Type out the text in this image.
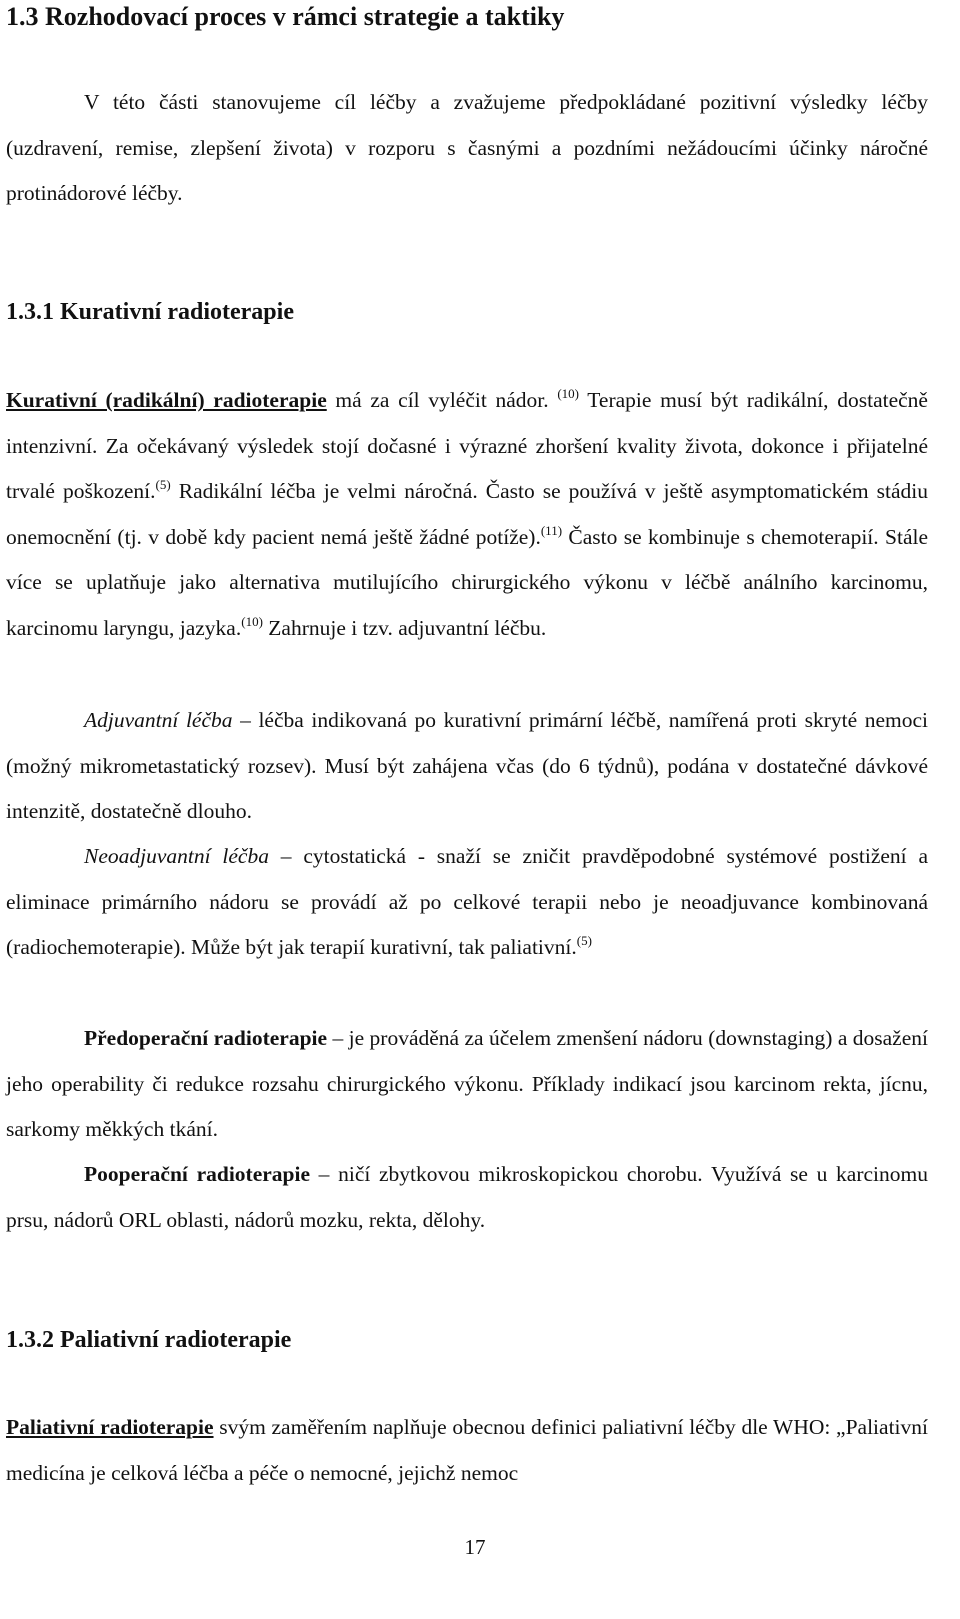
1.3 Rozhodovací proces v rámci strategie a taktiky
V této části stanovujeme cíl léčby a zvažujeme předpokládané pozitivní výsledky léčby (uzdravení, remise, zlepšení života) v rozporu s časnými a pozdními nežádoucími účinky náročné protinádorové léčby.
1.3.1 Kurativní radioterapie
Kurativní (radikální) radioterapie má za cíl vyléčit nádor. $^{(10)}$ Terapie musí být radikální, dostatečně intenzivní. Za očekávaný výsledek stojí dočasné i výrazné zhoršení kvality života, dokonce i přijatelné trvalé poškození.$^{(5)}$ Radikální léčba je velmi náročná. Často se používá v ještě asymptomatickém stádiu onemocnění (tj. v době kdy pacient nemá ještě žádné potíže).$^{(11)}$ Často se kombinuje s chemoterapií. Stále více se uplatňuje jako alternativa mutilujícího chirurgického výkonu v léčbě análního karcinomu, karcinomu laryngu, jazyka.$^{(10)}$ Zahrnuje i tzv. adjuvantní léčbu.
Adjuvantní léčba – léčba indikovaná po kurativní primární léčbě, namířená proti skryté nemoci (možný mikrometastatický rozsev). Musí být zahájena včas (do 6 týdnů), podána v dostatečné dávkové intenzitě, dostatečně dlouho.
Neoadjuvantní léčba – cytostatická - snaží se zničit pravděpodobné systémové postižení a eliminace primárního nádoru se provádí až po celkové terapii nebo je neoadjuvance kombinovaná (radiochemoterapie). Může být jak terapií kurativní, tak paliativní.$^{(5)}$
Předoperační radioterapie – je prováděná za účelem zmenšení nádoru (downstaging) a dosažení jeho operability či redukce rozsahu chirurgického výkonu. Příklady indikací jsou karcinom rekta, jícnu, sarkomy měkkých tkání.
Pooperační radioterapie – ničí zbytkovou mikroskopickou chorobu. Využívá se u karcinomu prsu, nádorů ORL oblasti, nádorů mozku, rekta, dělohy.
1.3.2 Paliativní radioterapie
Paliativní radioterapie svým zaměřením naplňuje obecnou definici paliativní léčby dle WHO: „Paliativní medicína je celková léčba a péče o nemocné, jejichž nemoc
17
